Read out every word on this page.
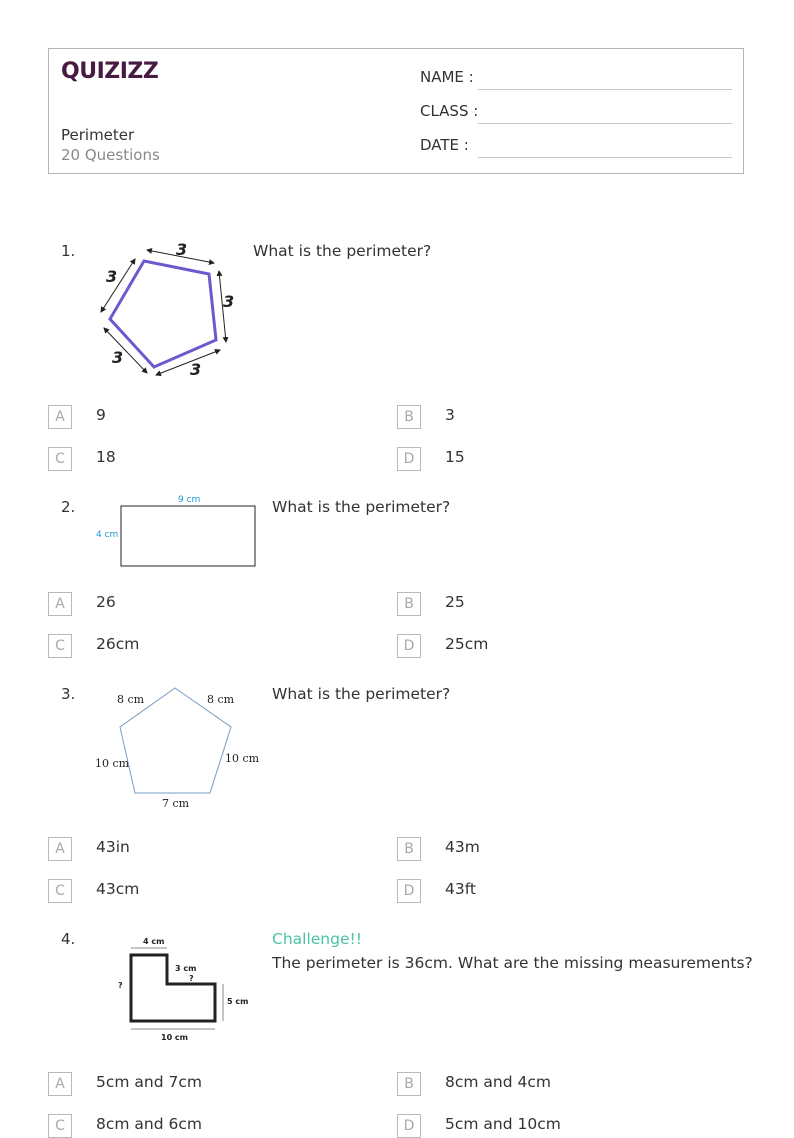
QUIZIZZ
Perimeter
20 Questions
NAME :
CLASS :
DATE :
1.	3
3
3
3
3
What is the perimeter?
A	9	B	3
C	18	D	15
2.	9 cm
4 cm
What is the perimeter?
A	26	B	25
C	26cm	D	25cm
3.	8 cm	8 cm
10 cm
10 cm
7 cm
What is the perimeter?
A	43in	B	43m
C	43cm	D	43ft
4.	4 cm
3 cm
?
?
5 cm
10 cm
Challenge!!
The perimeter is 36cm. What are the missing measurements?
A	5cm and 7cm	B	8cm and 4cm
C	8cm and 6cm	D	5cm and 10cm
